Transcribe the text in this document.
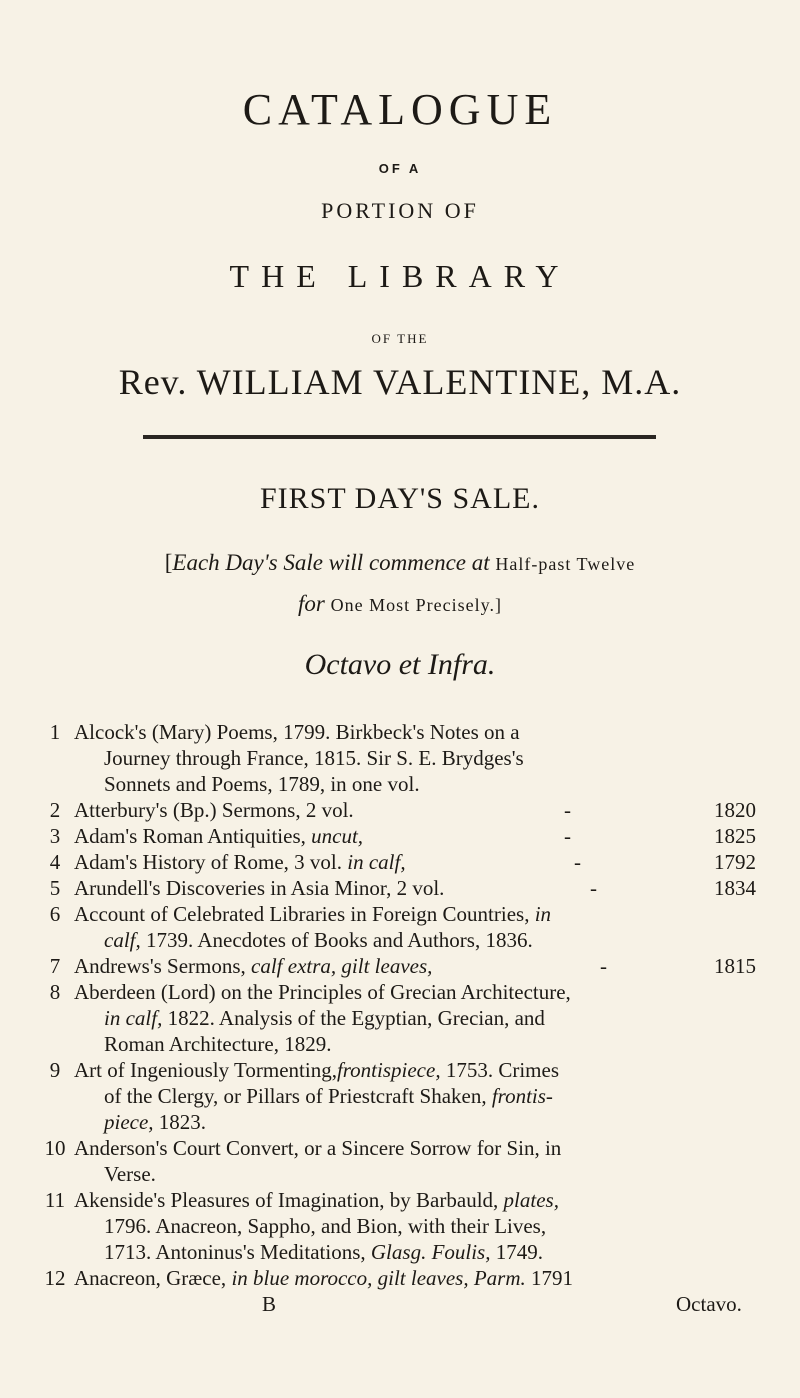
CATALOGUE
OF A
PORTION OF
THE LIBRARY
OF THE
Rev. WILLIAM VALENTINE, M.A.
FIRST DAY'S SALE.
[Each Day's Sale will commence at Half-past Twelve
for One Most Precisely.]
Octavo et Infra.
1 Alcock's (Mary) Poems, 1799. Birkbeck's Notes on a
Journey through France, 1815. Sir S. E. Brydges's
Sonnets and Poems, 1789, in one vol.
2 Atterbury's (Bp.) Sermons, 2 vol.	-	1820
3 Adam's Roman Antiquities, uncut,	-	1825
4 Adam's History of Rome, 3 vol. in calf,	-	1792
5 Arundell's Discoveries in Asia Minor, 2 vol.	-	1834
6 Account of Celebrated Libraries in Foreign Countries, in
calf, 1739. Anecdotes of Books and Authors, 1836.
7 Andrews's Sermons, calf extra, gilt leaves,	-	1815
8 Aberdeen (Lord) on the Principles of Grecian Architecture,
in calf, 1822. Analysis of the Egyptian, Grecian, and
Roman Architecture, 1829.
9 Art of Ingeniously Tormenting,frontispiece, 1753. Crimes
of the Clergy, or Pillars of Priestcraft Shaken, frontis-
piece, 1823.
10 Anderson's Court Convert, or a Sincere Sorrow for Sin, in
Verse.
11 Akenside's Pleasures of Imagination, by Barbauld, plates,
1796. Anacreon, Sappho, and Bion, with their Lives,
1713. Antoninus's Meditations, Glasg. Foulis, 1749.
12 Anacreon, Græce, in blue morocco, gilt leaves, Parm. 1791
B	Octavo.
